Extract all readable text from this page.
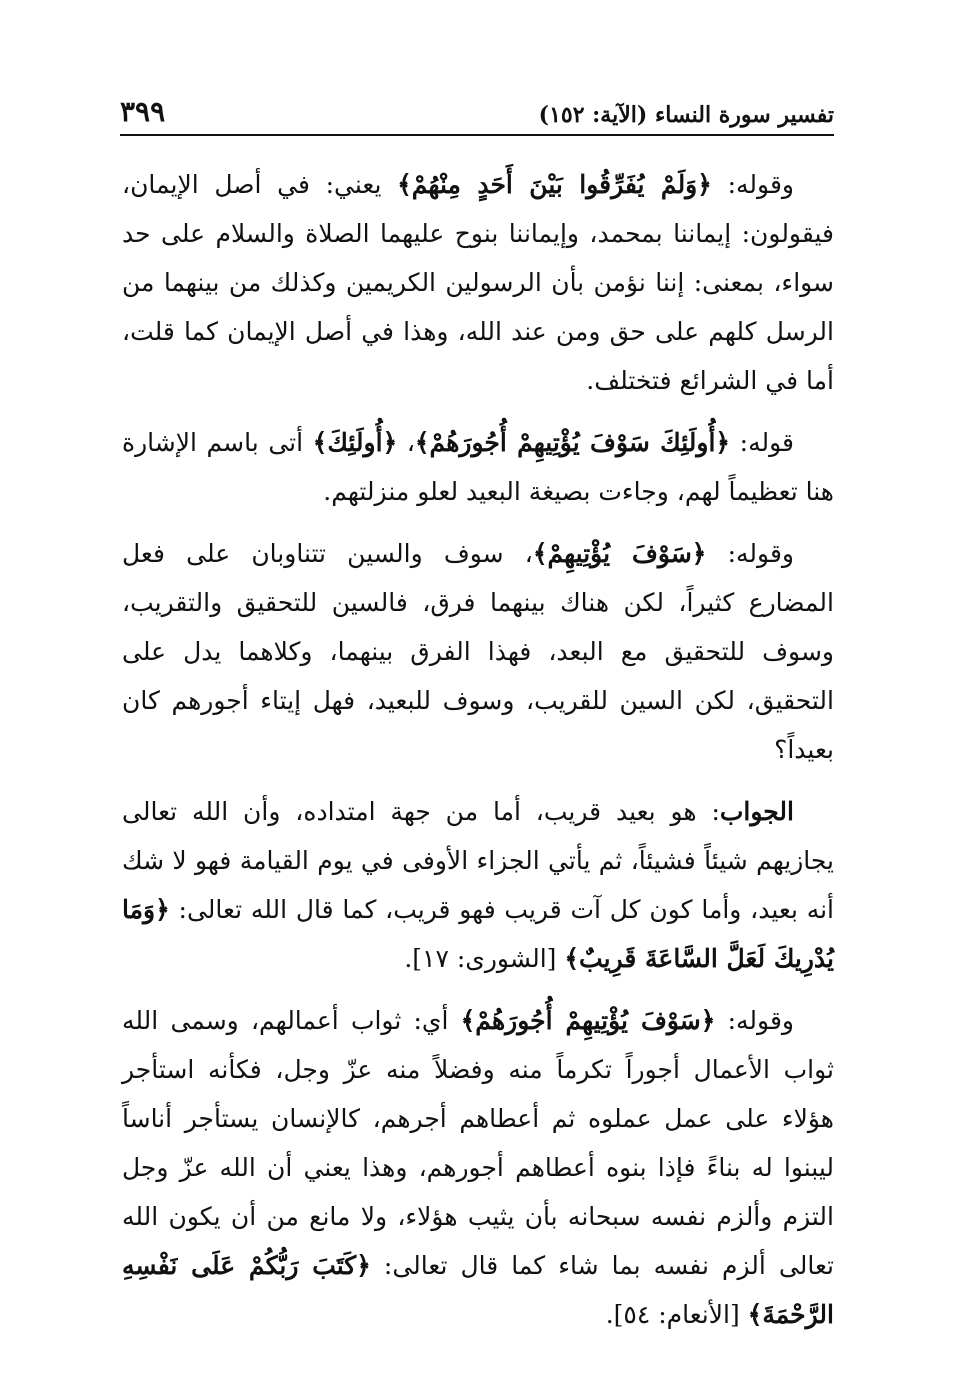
تفسير سورة النساء (الآية: ١٥٢)
٣٩٩

وقوله: ﴿وَلَمْ يُفَرِّقُوا بَيْنَ أَحَدٍ مِنْهُمْ﴾ يعني: في أصل الإيمان، فيقولون: إيماننا بمحمد، وإيماننا بنوح عليهما الصلاة والسلام على حد سواء، بمعنى: إننا نؤمن بأن الرسولين الكريمين وكذلك من بينهما من الرسل كلهم على حق ومن عند الله، وهذا في أصل الإيمان كما قلت، أما في الشرائع فتختلف.

قوله: ﴿أُولَئِكَ سَوْفَ يُؤْتِيهِمْ أُجُورَهُمْ﴾، ﴿أُولَئِكَ﴾ أتى باسم الإشارة هنا تعظيماً لهم، وجاءت بصيغة البعيد لعلو منزلتهم.

وقوله: ﴿سَوْفَ يُؤْتِيهِمْ﴾، سوف والسين تتناوبان على فعل المضارع كثيراً، لكن هناك بينهما فرق، فالسين للتحقيق والتقريب، وسوف للتحقيق مع البعد، فهذا الفرق بينهما، وكلاهما يدل على التحقيق، لكن السين للقريب، وسوف للبعيد، فهل إيتاء أجورهم كان بعيداً؟

الجواب: هو بعيد قريب، أما من جهة امتداده، وأن الله تعالى يجازيهم شيئاً فشيئاً، ثم يأتي الجزاء الأوفى في يوم القيامة فهو لا شك أنه بعيد، وأما كون كل آت قريب فهو قريب، كما قال الله تعالى: ﴿وَمَا يُدْرِيكَ لَعَلَّ السَّاعَةَ قَرِيبٌ﴾ [الشورى: ١٧].

وقوله: ﴿سَوْفَ يُؤْتِيهِمْ أُجُورَهُمْ﴾ أي: ثواب أعمالهم، وسمى الله ثواب الأعمال أجوراً تكرماً منه وفضلاً منه عزّ وجل، فكأنه استأجر هؤلاء على عمل عملوه ثم أعطاهم أجرهم، كالإنسان يستأجر أناساً ليبنوا له بناءً فإذا بنوه أعطاهم أجورهم، وهذا يعني أن الله عزّ وجل التزم وألزم نفسه سبحانه بأن يثيب هؤلاء، ولا مانع من أن يكون الله تعالى ألزم نفسه بما شاء كما قال تعالى: ﴿كَتَبَ رَبُّكُمْ عَلَى نَفْسِهِ الرَّحْمَةَ﴾ [الأنعام: ٥٤].
